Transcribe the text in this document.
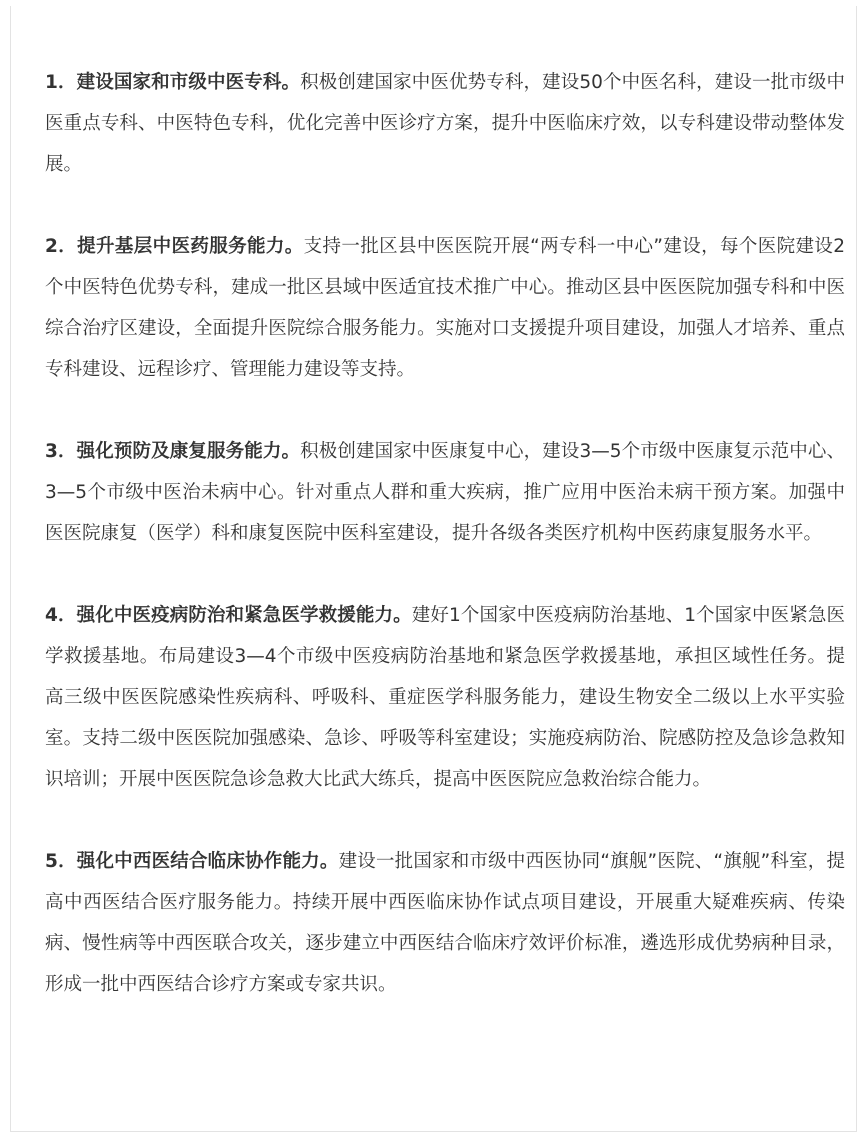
1．建设国家和市级中医专科。积极创建国家中医优势专科，建设50个中医名科，建设一批市级中医重点专科、中医特色专科，优化完善中医诊疗方案，提升中医临床疗效，以专科建设带动整体发展。

2．提升基层中医药服务能力。支持一批区县中医医院开展“两专科一中心”建设，每个医院建设2个中医特色优势专科，建成一批区县域中医适宜技术推广中心。推动区县中医医院加强专科和中医综合治疗区建设，全面提升医院综合服务能力。实施对口支援提升项目建设，加强人才培养、重点专科建设、远程诊疗、管理能力建设等支持。

3．强化预防及康复服务能力。积极创建国家中医康复中心，建设3—5个市级中医康复示范中心、3—5个市级中医治未病中心。针对重点人群和重大疾病，推广应用中医治未病干预方案。加强中医医院康复（医学）科和康复医院中医科室建设，提升各级各类医疗机构中医药康复服务水平。

4．强化中医疫病防治和紧急医学救援能力。建好1个国家中医疫病防治基地、1个国家中医紧急医学救援基地。布局建设3—4个市级中医疫病防治基地和紧急医学救援基地，承担区域性任务。提高三级中医医院感染性疾病科、呼吸科、重症医学科服务能力，建设生物安全二级以上水平实验室。支持二级中医医院加强感染、急诊、呼吸等科室建设；实施疫病防治、院感防控及急诊急救知识培训；开展中医医院急诊急救大比武大练兵，提高中医医院应急救治综合能力。

5．强化中西医结合临床协作能力。建设一批国家和市级中西医协同“旗舰”医院、“旗舰”科室，提高中西医结合医疗服务能力。持续开展中西医临床协作试点项目建设，开展重大疑难疾病、传染病、慢性病等中西医联合攻关，逐步建立中西医结合临床疗效评价标准，遴选形成优势病种目录，形成一批中西医结合诊疗方案或专家共识。
